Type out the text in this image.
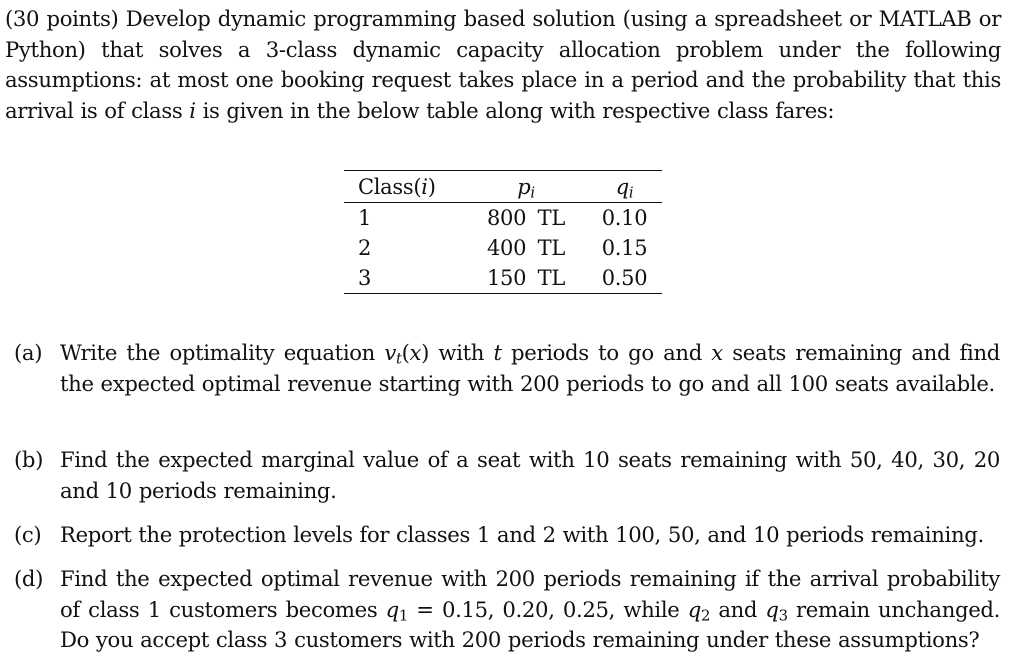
(30 points) Develop dynamic programming based solution (using a spreadsheet or MATLAB or Python) that solves a 3-class dynamic capacity allocation problem under the following assumptions: at most one booking request takes place in a period and the probability that this arrival is of class i is given in the below table along with respective class fares:

Class(i)	$p_i$	$q_i$
1	800 TL	0.10
2	400 TL	0.15
3	150 TL	0.50
(a) Write the optimality equation $v_t(x)$ with t periods to go and x seats remaining and find the expected optimal revenue starting with 200 periods to go and all 100 seats available.
(b) Find the expected marginal value of a seat with 10 seats remaining with 50, 40, 30, 20 and 10 periods remaining.
(c) Report the protection levels for classes 1 and 2 with 100, 50, and 10 periods remaining.
(d) Find the expected optimal revenue with 200 periods remaining if the arrival probability of class 1 customers becomes $q_1 = 0.15$, 0.20, 0.25, while $q_2$ and $q_3$ remain unchanged. Do you accept class 3 customers with 200 periods remaining under these assumptions?
